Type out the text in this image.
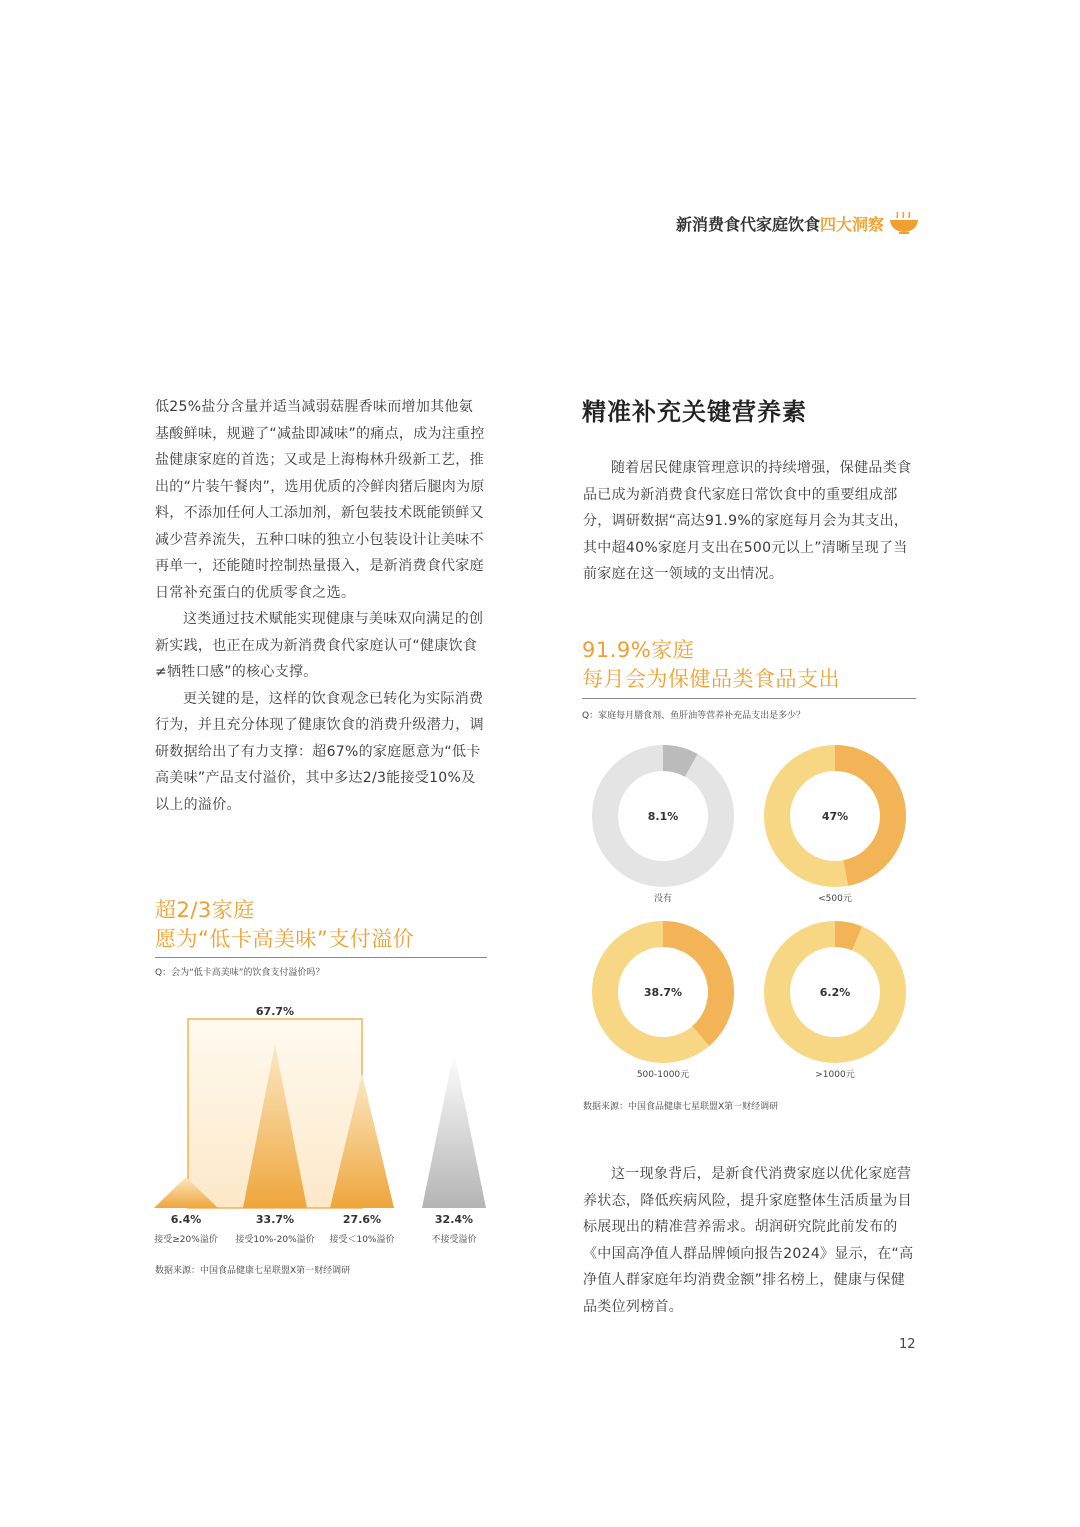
新消费食代家庭饮食 四大洞察

低25%盐分含量并适当减弱菇腥香味而增加其他氨基酸鲜味，规避了“减盐即减味”的痛点，成为注重控盐健康家庭的首选；又或是上海梅林升级新工艺，推出的“片装午餐肉”，选用优质的冷鲜肉猪后腿肉为原料，不添加任何人工添加剂，新包装技术既能锁鲜又减少营养流失，五种口味的独立小包装设计让美味不再单一，还能随时控制热量摄入，是新消费食代家庭日常补充蛋白的优质零食之选。

这类通过技术赋能实现健康与美味双向满足的创新实践，也正在成为新消费食代家庭认可“健康饮食≠牺牲口感”的核心支撑。

更关键的是，这样的饮食观念已转化为实际消费行为，并且充分体现了健康饮食的消费升级潜力，调研数据给出了有力支撑：超67%的家庭愿意为“低卡高美味”产品支付溢价，其中多达2/3能接受10%及以上的溢价。

超2/3家庭

愿为“低卡高美味”支付溢价

Q：会为“低卡高美味”的饮食支付溢价吗？
67.7%
6.4%
接受≥20%溢价
33.7%
接受10%-20%溢价
27.6%
接受＜10%溢价
32.4%
不接受溢价
数据来源：中国食品健康七星联盟X第一财经调研
精准补充关键营养素

随着居民健康管理意识的持续增强，保健品类食品已成为新消费食代家庭日常饮食中的重要组成部分，调研数据“高达91.9%的家庭每月会为其支出，其中超40%家庭月支出在500元以上”清晰呈现了当前家庭在这一领域的支出情况。

91.9%家庭

每月会为保健品类食品支出

Q：家庭每月膳食剂、鱼肝油等营养补充品支出是多少？
8.1%
没有
47%
<500元
38.7%
500-1000元
6.2%
>1000元
数据来源：中国食品健康七星联盟X第一财经调研

这一现象背后，是新食代消费家庭以优化家庭营养状态，降低疾病风险，提升家庭整体生活质量为目标展现出的精准营养需求。胡润研究院此前发布的《中国高净值人群品牌倾向报告2024》显示，在“高净值人群家庭年均消费金额”排名榜上，健康与保健品类位列榜首。

12
